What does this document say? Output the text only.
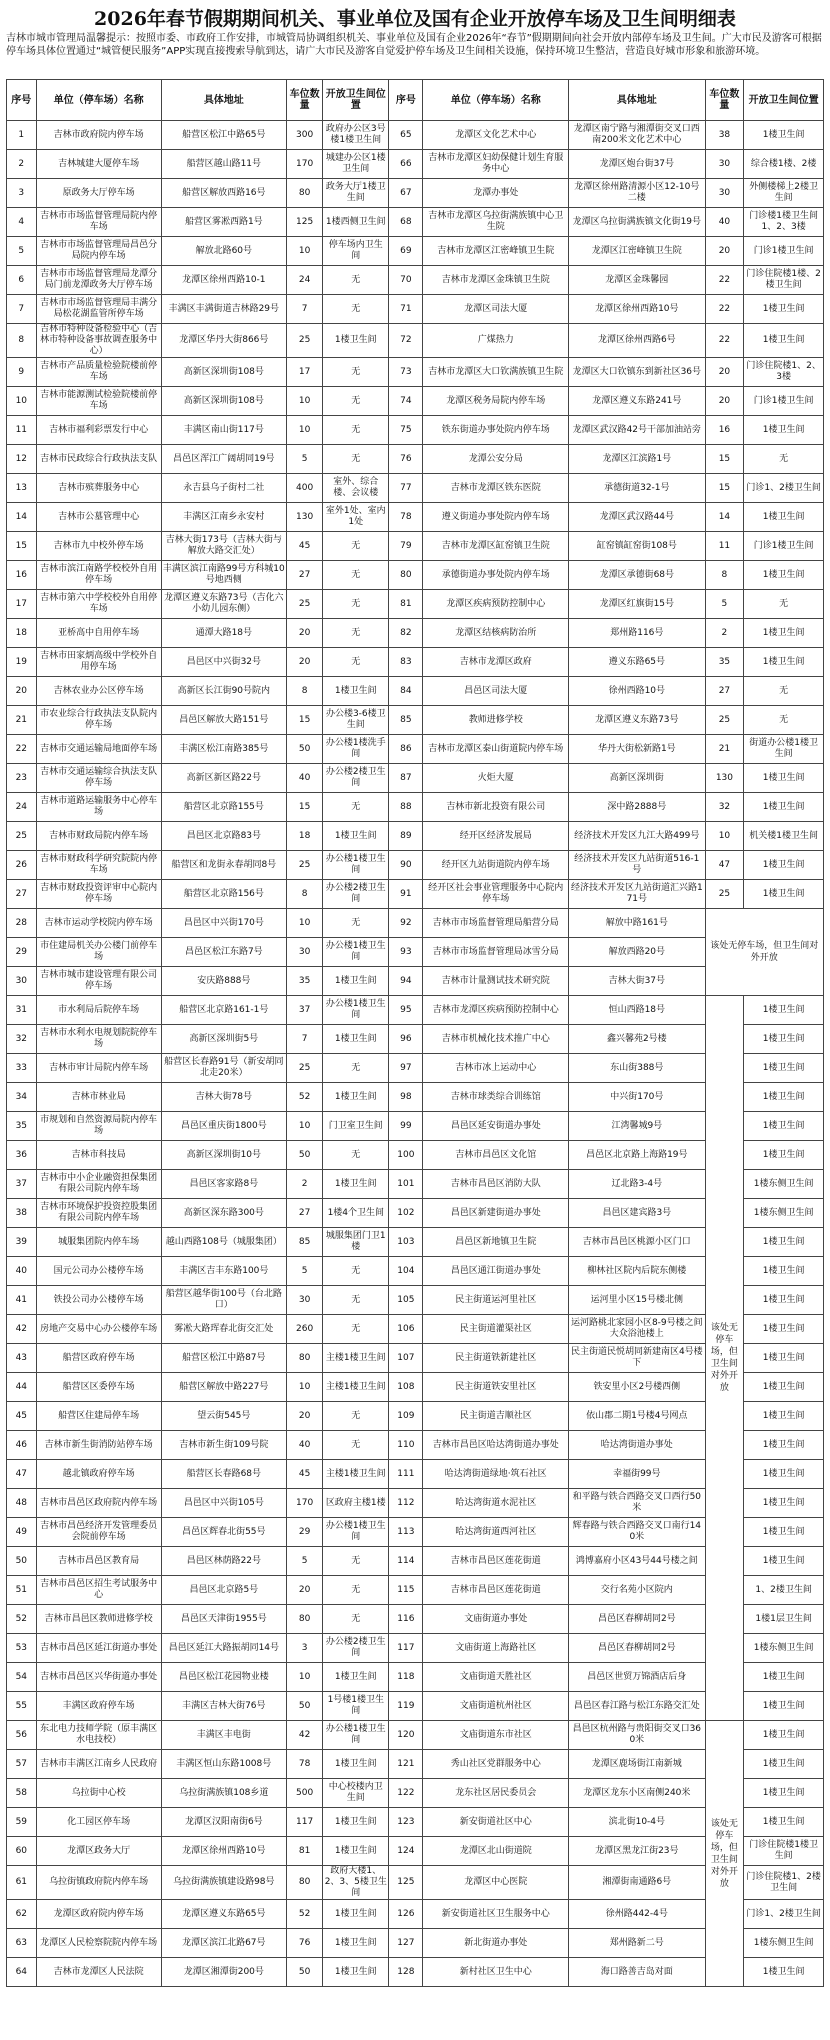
2026年春节假期期间机关、事业单位及国有企业开放停车场及卫生间明细表
吉林市城市管理局温馨提示：按照市委、市政府工作安排，市城管局协调组织机关、事业单位及国有企业2026年“春节”假期期间向社会开放内部停车场及卫生间。广大市民及游客可根据停车场具体位置通过“城管便民服务”APP实现直接搜索导航到达，请广大市民及游客自觉爱护停车场及卫生间相关设施，保持环境卫生整洁，营造良好城市形象和旅游环境。
序号	单位（停车场）名称	具体地址	车位数量	开放卫生间位置	序号	单位（停车场）名称	具体地址	车位数量	开放卫生间位置
1	吉林市政府院内停车场	船营区松江中路65号	300	政府办公区3号楼1楼卫生间	65	龙潭区文化艺术中心	龙潭区南宁路与湘潭街交叉口西南200米文化艺术中心	38	1楼卫生间
2	吉林城建大厦停车场	船营区越山路11号	170	城建办公区1楼卫生间	66	吉林市龙潭区妇幼保健计划生育服务中心	龙潭区炮台街37号	30	综合楼1楼、2楼
3	原政务大厅停车场	船营区解放西路16号	80	政务大厅1楼卫生间	67	龙潭办事处	龙潭区徐州路清源小区12-10号二楼	30	外侧楼梯上2楼卫生间
4	吉林市市场监督管理局院内停车场	船营区雾凇西路1号	125	1楼西侧卫生间	68	吉林市龙潭区乌拉街满族镇中心卫生院	龙潭区乌拉街满族镇文化街19号	40	门诊楼1楼卫生间1、2、3楼
5	吉林市市场监督管理局昌邑分局院内停车场	解放北路60号	10	停车场内卫生间	69	吉林市龙潭区江密峰镇卫生院	龙潭区江密峰镇卫生院	20	门诊1楼卫生间
6	吉林市市场监督管理局龙潭分局门前龙潭政务大厅停车场	龙潭区徐州西路10-1	24	无	70	吉林市龙潭区金珠镇卫生院	龙潭区金珠馨园	22	门诊住院楼1楼、2楼卫生间
7	吉林市市场监督管理局丰满分局松花湖监管所停车场	丰满区丰满街道吉林路29号	7	无	71	龙潭区司法大厦	龙潭区徐州西路10号	22	1楼卫生间
8	吉林市特种设备检验中心（吉林市特种设备事故调查服务中心）	龙潭区华丹大街866号	25	1楼卫生间	72	广煤热力	龙潭区徐州西路6号	22	1楼卫生间
9	吉林市产品质量检验院楼前停车场	高新区深圳街108号	17	无	73	吉林市龙潭区大口钦满族镇卫生院	龙潭区大口钦镇东到新社区36号	20	门诊住院楼1、2、3楼
10	吉林市能源测试检验院楼前停车场	高新区深圳街108号	10	无	74	龙潭区税务局院内停车场	龙潭区遵义东路241号	20	门诊1楼卫生间
11	吉林市福利彩票发行中心	丰满区南山街117号	10	无	75	铁东街道办事处院内停车场	龙潭区武汉路42号干部加油站旁	16	1楼卫生间
12	吉林市民政综合行政执法支队	昌邑区浑江广阔胡同19号	5	无	76	龙潭公安分局	龙潭区江滨路1号	15	无
13	吉林市殡葬服务中心	永吉县乌子街村二社	400	室外、综合楼、会议楼	77	吉林市龙潭区铁东医院	承德街道32-1号	15	门诊1、2楼卫生间
14	吉林市公墓管理中心	丰满区江南乡永安村	130	室外1处、室内1处	78	遵义街道办事处院内停车场	龙潭区武汉路44号	14	1楼卫生间
15	吉林市九中校外停车场	吉林大街173号（吉林大街与解放大路交汇处）	45	无	79	吉林市龙潭区缸窑镇卫生院	缸窑镇缸窑街108号	11	门诊1楼卫生间
16	吉林市滨江南路学校校外自用停车场	丰满区滨江南路99号方科城10号地西侧	27	无	80	承德街道办事处院内停车场	龙潭区承德街68号	8	1楼卫生间
17	吉林市第六中学校校外自用停车场	龙潭区遵义东路73号（吉化六小幼儿园东侧）	25	无	81	龙潭区疾病预防控制中心	龙潭区红旗街15号	5	无
18	亚桥高中自用停车场	通潭大路18号	20	无	82	龙潭区结核病防治所	郑州路116号	2	1楼卫生间
19	吉林市田家炳高级中学校外自用停车场	昌邑区中兴街32号	20	无	83	吉林市龙潭区政府	遵义东路65号	35	1楼卫生间
20	吉林农业办公区停车场	高新区长江街90号院内	8	1楼卫生间	84	昌邑区司法大厦	徐州西路10号	27	无
21	市农业综合行政执法支队院内停车场	昌邑区解放大路151号	15	办公楼3-6楼卫生间	85	教师进修学校	龙潭区遵义东路73号	25	无
22	吉林市交通运输局地面停车场	丰满区松江南路385号	50	办公楼1楼洗手间	86	吉林市龙潭区泰山街道院内停车场	华丹大街松新路1号	21	街道办公楼1楼卫生间
23	吉林市交通运输综合执法支队停车场	高新区新区路22号	40	办公楼2楼卫生间	87	火炬大厦	高新区深圳街	130	1楼卫生间
24	吉林市道路运输服务中心停车场	船营区北京路155号	15	无	88	吉林市新北投资有限公司	深中路2888号	32	1楼卫生间
25	吉林市财政局院内停车场	昌邑区北京路83号	18	1楼卫生间	89	经开区经济发展局	经济技术开发区九江大路499号	10	机关楼1楼卫生间
26	吉林市财政科学研究院院内停车场	船营区和龙街永春胡同8号	25	办公楼1楼卫生间	90	经开区九站街道院内停车场	经济技术开发区九站街道516-1号	47	1楼卫生间
27	吉林市财政投资评审中心院内停车场	船营区北京路156号	8	办公楼2楼卫生间	91	经开区社会事业管理服务中心院内停车场	经济技术开发区九站街道汇兴路171号	25	1楼卫生间
28	吉林市运动学校院内停车场	昌邑区中兴街170号	10	无	92	吉林市市场监督管理局船营分局	解放中路161号	该处无停车场，但卫生间对外开放	
29	市住建局机关办公楼门前停车场	昌邑区松江东路7号	30	办公楼1楼卫生间	93	吉林市市场监督管理局冰雪分局	解放西路20号		
30	吉林市城市建设管理有限公司停车场	安庆路888号	35	1楼卫生间	94	吉林市计量测试技术研究院	吉林大街37号		
31	市水利局后院停车场	船营区北京路161-1号	37	办公楼1楼卫生间	95	吉林市龙潭区疾病预防控制中心	恒山西路18号	该处无停车场，但卫生间对外开放	1楼卫生间
32	吉林市水利水电规划院院停车场	高新区深圳街5号	7	1楼卫生间	96	吉林市机械化技术推广中心	鑫兴馨苑2号楼		1楼卫生间
33	吉林市审计局院内停车场	船营区长春路91号（新安胡同北走20米）	25	无	97	吉林市冰上运动中心	东山街388号		1楼卫生间
34	吉林市林业局	吉林大街78号	52	1楼卫生间	98	吉林市球类综合训练馆	中兴街170号		1楼卫生间
35	市规划和自然资源局院内停车场	昌邑区重庆街1800号	10	门卫室卫生间	99	昌邑区延安街道办事处	江湾馨城9号		1楼卫生间
36	吉林市科技局	高新区深圳街10号	50	无	100	吉林市昌邑区文化馆	昌邑区北京路上海路19号		1楼卫生间
37	吉林市中小企业融资担保集团有限公司院内停车场	昌邑区客家路8号	2	1楼卫生间	101	吉林市昌邑区消防大队	辽北路3-4号		1楼东侧卫生间
38	吉林市环境保护投资控股集团有限公司院内停车场	高新区深东路300号	27	1楼4个卫生间	102	昌邑区新建街道办事处	昌邑区建宾路3号		1楼东侧卫生间
39	城服集团院内停车场	越山西路108号（城服集团）	85	城服集团门卫1楼	103	昌邑区新地镇卫生院	吉林市昌邑区桃源小区门口		1楼卫生间
40	国元公司办公楼停车场	丰满区吉丰东路100号	5	无	104	昌邑区通江街道办事处	柳林社区院内后院东侧楼		1楼卫生间
41	铁投公司办公楼停车场	船营区越华街100号（台北路口）	30	无	105	民主街道运河里社区	运河里小区15号楼北侧		1楼卫生间
42	房地产交易中心办公楼停车场	雾凇大路珲春北街交汇处	260	无	106	民主街道灌渠社区	运河路桃北家园小区8-9号楼之间大众浴池楼上		1楼卫生间
43	船营区政府停车场	船营区松江中路87号	80	主楼1楼卫生间	107	民主街道铁新建社区	民主街道民悦胡同新建南区4号楼下		1楼卫生间
44	船营区区委停车场	船营区解放中路227号	10	主楼1楼卫生间	108	民主街道铁安里社区	铁安里小区2号楼西侧		1楼卫生间
45	船营区住建局停车场	望云街545号	20	无	109	民主街道吉顺社区	依山郡二期1号楼4号网点		1楼卫生间
46	吉林市新生街消防站停车场	吉林市新生街109号院	40	无	110	吉林市昌邑区哈达湾街道办事处	哈达湾街道办事处		1楼卫生间
47	越北镇政府停车场	船营区长春路68号	45	主楼1楼卫生间	111	哈达湾街道绿地·筑石社区	幸福街99号		1楼卫生间
48	吉林市昌邑区政府院内停车场	昌邑区中兴街105号	170	区政府主楼1楼	112	哈达湾街道水泥社区	和平路与铁合西路交叉口西行50米		1楼卫生间
49	吉林市昌邑经济开发管理委员会院前停车场	昌邑区辉春北街55号	29	办公楼1楼卫生间	113	哈达湾街道西河社区	辉春路与铁合西路交叉口南行140米		1楼卫生间
50	吉林市昌邑区教育局	昌邑区林荫路22号	5	无	114	吉林市昌邑区莲花街道	鸿博嘉府小区43号44号楼之间		1楼卫生间
51	吉林市昌邑区招生考试服务中心	昌邑区北京路5号	20	无	115	吉林市昌邑区莲花街道	交行名苑小区院内		1、2楼卫生间
52	吉林市昌邑区教师进修学校	昌邑区天津街1955号	80	无	116	文庙街道办事处	昌邑区春柳胡同2号		1楼1层卫生间
53	吉林市昌邑区延江街道办事处	昌邑区延江大路振胡同14号	3	办公楼2楼卫生间	117	文庙街道上海路社区	昌邑区春柳胡同2号		1楼东侧卫生间
54	吉林市昌邑区兴华街道办事处	昌邑区松江花园物业楼	10	1楼卫生间	118	文庙街道天胜社区	昌邑区世贸万锦酒店后身		1楼卫生间
55	丰满区政府停车场	丰满区吉林大街76号	50	1号楼1楼卫生间	119	文庙街道杭州社区	昌邑区春江路与松江东路交汇处		1楼卫生间
56	东北电力技师学院（原丰满区水电技校）	丰满区丰电街	42	办公楼1楼卫生间	120	文庙街道东市社区	昌邑区杭州路与贵阳街交叉口360米	该处无停车场，但卫生间对外开放	1楼卫生间
57	吉林市丰满区江南乡人民政府	丰满区恒山东路1008号	78	1楼卫生间	121	秀山社区党群服务中心	龙潭区鹿场街江南新城		1楼卫生间
58	乌拉街中心校	乌拉街满族镇108乡道	500	中心校楼内卫生间	122	龙东社区居民委员会	龙潭区龙东小区南侧240米		1楼卫生间
59	化工园区停车场	龙潭区汉阳南街6号	117	1楼卫生间	123	新安街道社区中心	滨北街10-4号		1楼卫生间
60	龙潭区政务大厅	龙潭区徐州西路10号	81	1楼卫生间	124	龙潭区北山街道院	龙潭区黑龙江街23号		门诊住院楼1楼卫生间
61	乌拉街镇政府院内停车场	乌拉街满族镇建设路98号	80	政府大楼1、2、3、5楼卫生间	125	龙潭区中心医院	湘潭街南通路6号		门诊住院楼1、2楼卫生间
62	龙潭区政府院内停车场	龙潭区遵义东路65号	52	1楼卫生间	126	新安街道社区卫生服务中心	徐州路442-4号		门诊1、2楼卫生间
63	龙潭区人民检察院院内停车场	龙潭区滨江北路67号	76	1楼卫生间	127	新北街道办事处	郑州路新二号		1楼东侧卫生间
64	吉林市龙潭区人民法院	龙潭区湘潭街200号	50	1楼卫生间	128	新村社区卫生中心	海口路善吉岛对面		1楼卫生间
